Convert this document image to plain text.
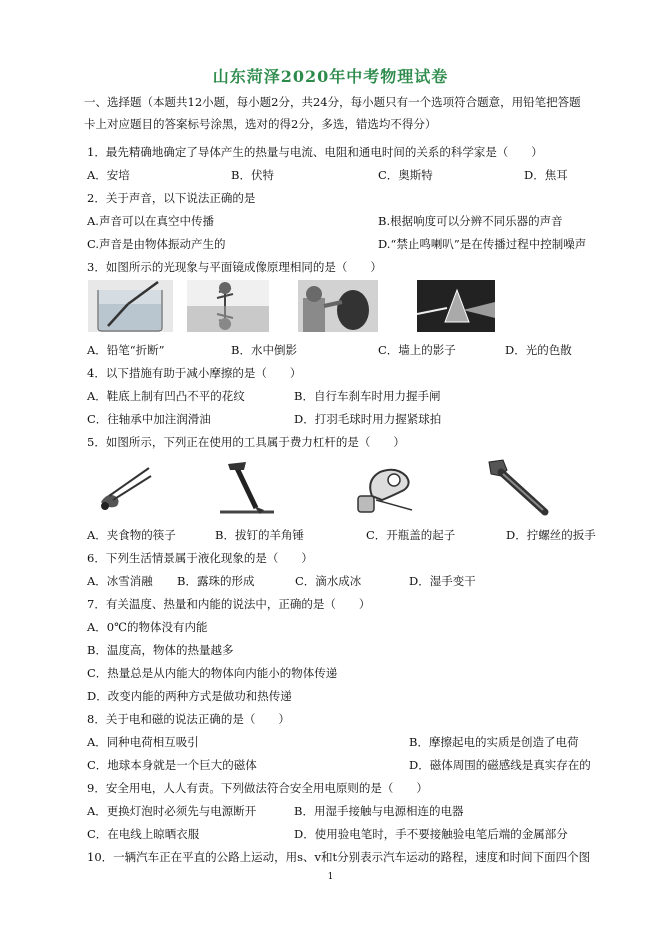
山东菏泽2020年中考物理试卷
一、选择题（本题共12小题，每小题2分，共24分，每小题只有一个选项符合题意，用铅笔把答题
卡上对应题目的答案标号涂黑，选对的得2分，多选，错选均不得分）
1．最先精确地确定了导体产生的热量与电流、电阻和通电时间的关系的科学家是（　　）
A．安培	B．伏特	C．奥斯特	D．焦耳
2．关于声音，以下说法正确的是
A.声音可以在真空中传播	B.根据响度可以分辨不同乐器的声音
C.声音是由物体振动产生的	D.“禁止鸣喇叭”是在传播过程中控制噪声
3．如图所示的光现象与平面镜成像原理相同的是（　　）
A．铅笔“折断”	B．水中倒影	C．墙上的影子	D．光的色散
4．以下措施有助于减小摩擦的是（　　）
A．鞋底上制有凹凸不平的花纹	B．自行车刹车时用力握手闸
C．往轴承中加注润滑油	D．打羽毛球时用力握紧球拍
5．如图所示，下列正在使用的工具属于费力杠杆的是（　　）
A．夹食物的筷子	B．拔钉的羊角锤	C．开瓶盖的起子	D．拧螺丝的扳手
6．下列生活情景属于液化现象的是（　　）
A．冰雪消融 B．露珠的形成	C．滴水成冰	D．湿手变干
7．有关温度、热量和内能的说法中，正确的是（　　）
A．0℃的物体没有内能
B．温度高，物体的热量越多
C．热量总是从内能大的物体向内能小的物体传递
D．改变内能的两种方式是做功和热传递
8．关于电和磁的说法正确的是（　　）
A．同种电荷相互吸引	B．摩擦起电的实质是创造了电荷
C．地球本身就是一个巨大的磁体	D．磁体周围的磁感线是真实存在的
9．安全用电，人人有责。下列做法符合安全用电原则的是（　　）
A．更换灯泡时必须先与电源断开	B．用湿手接触与电源相连的电器
C．在电线上晾晒衣服	D．使用验电笔时，手不要接触验电笔后端的金属部分
10．一辆汽车正在平直的公路上运动，用s、v和t分别表示汽车运动的路程，速度和时间下面四个图
1
